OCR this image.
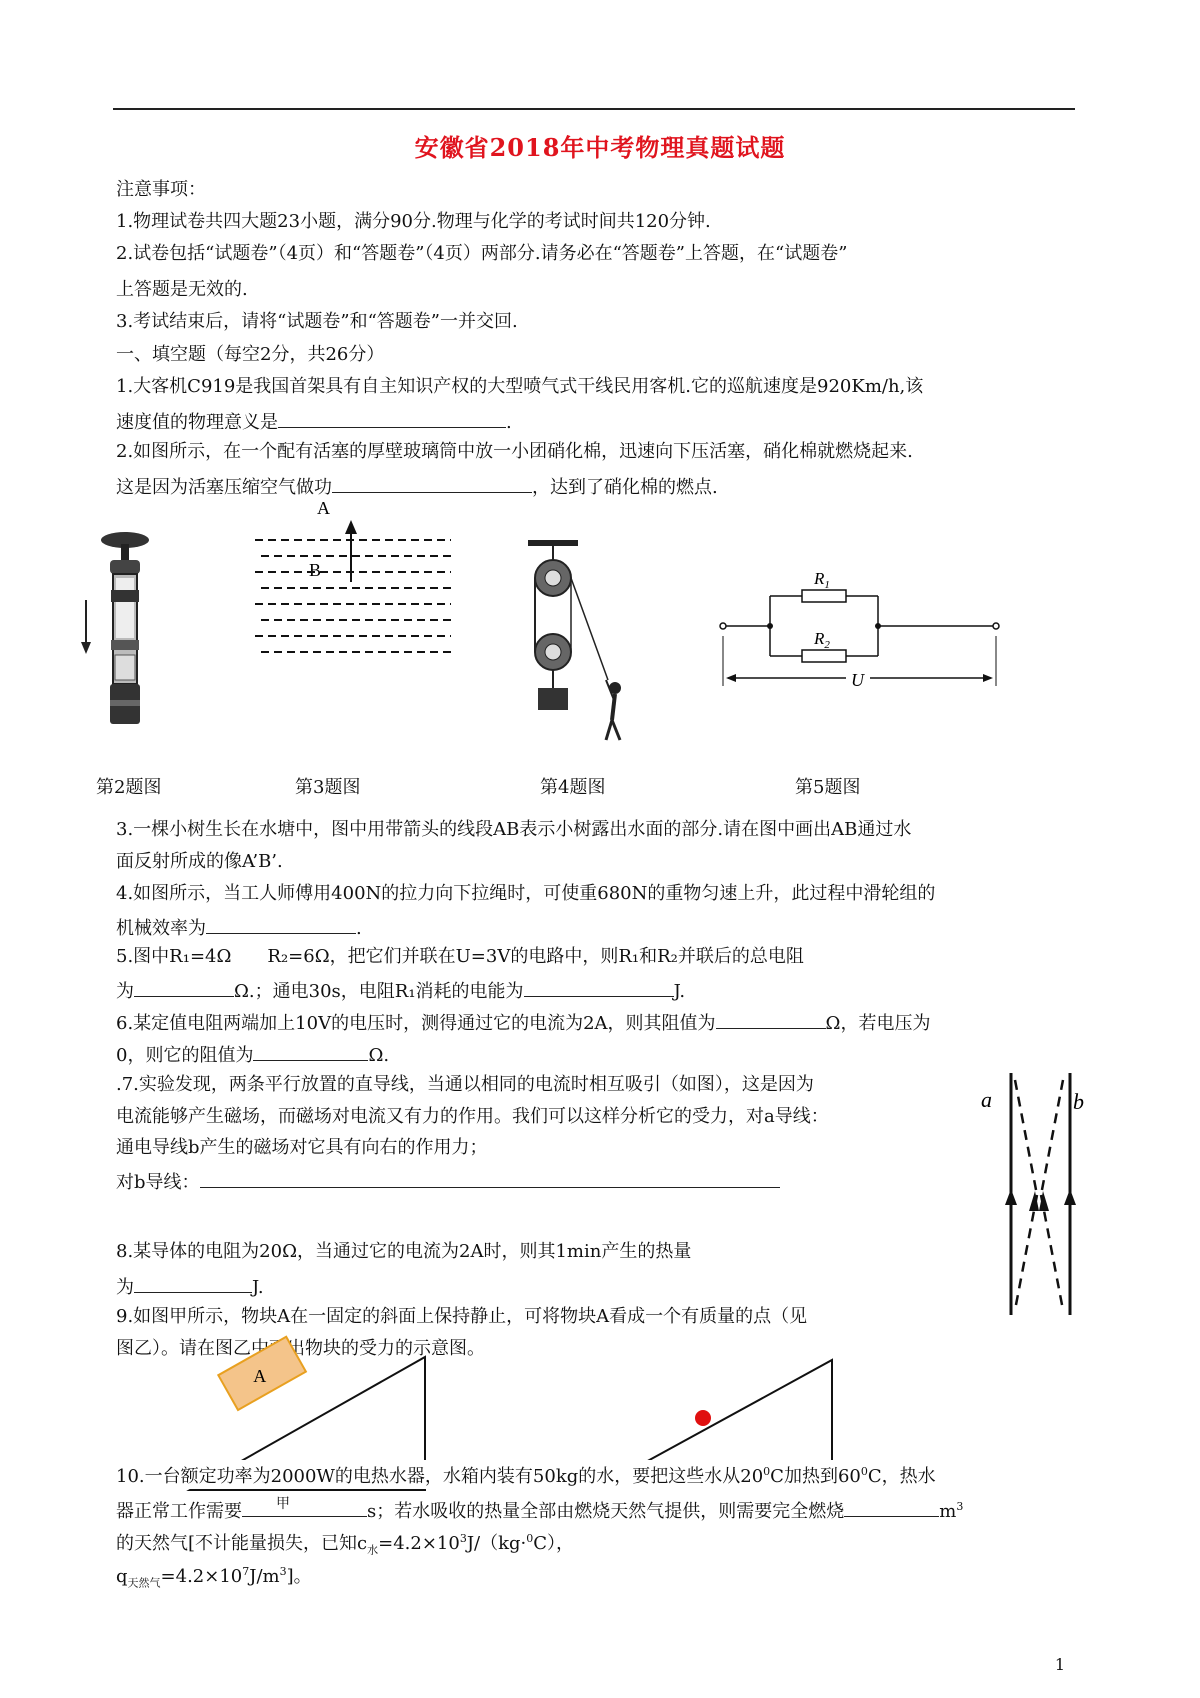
安徽省2018年中考物理真题试题
注意事项：
1.物理试卷共四大题23小题，满分90分.物理与化学的考试时间共120分钟.
2.试卷包括“试题卷”（4页）和“答题卷”（4页）两部分.请务必在“答题卷”上答题，在“试题卷”
上答题是无效的.
3.考试结束后，请将“试题卷”和“答题卷”一并交回.
一、填空题（每空2分，共26分）
1.大客机C919是我国首架具有自主知识产权的大型喷气式干线民用客机.它的巡航速度是920Km/h,该
速度值的物理意义是	.
2.如图所示，在一个配有活塞的厚壁玻璃筒中放一小团硝化棉，迅速向下压活塞，硝化棉就燃烧起来.
这是因为活塞压缩空气做功	，达到了硝化棉的燃点.
A
B	$R_1$
$R_2$
U
第2题图	第3题图	第4题图	第5题图
3.一棵小树生长在水塘中，图中用带箭头的线段AB表示小树露出水面的部分.请在图中画出AB通过水
面反射所成的像A’B’.
4.如图所示，当工人师傅用400N的拉力向下拉绳时，可使重680N的重物匀速上升，此过程中滑轮组的
机械效率为	.
5.图中R₁=4Ω　　R₂=6Ω，把它们并联在U=3V的电路中，则R₁和R₂并联后的总电阻
为	Ω.；通电30s，电阻R₁消耗的电能为	J.
6.某定值电阻两端加上10V的电压时，测得通过它的电流为2A，则其阻值为	Ω，若电压为
0，则它的阻值为	Ω.
.7.实验发现，两条平行放置的直导线，当通以相同的电流时相互吸引（如图），这是因为
电流能够产生磁场，而磁场对电流又有力的作用。我们可以这样分析它的受力，对a导线：
通电导线b产生的磁场对它具有向右的作用力；
对b导线：
a	b
8.某导体的电阻为20Ω，当通过它的电流为2A时，则其1min产生的热量
为	J.
9.如图甲所示，物块A在一固定的斜面上保持静止，可将物块A看成一个有质量的点（见
图乙）。请在图乙中画出物块的受力的示意图。
A
10.一台额定功率为2000W的电热水器，水箱内装有50kg的水，要把这些水从$20^0C$加热到$60^0C$，热水
甲
器正常工作需要	s；若水吸收的热量全部由燃烧天然气提供，则需要完全燃烧	$m^3$
的天然气[不计能量损失，已知$c_水=4.2\times 10^3J/(kg\cdot^0C)$，
$q_{天然气}=4.2\times 10^7J/m^3$]。
1
